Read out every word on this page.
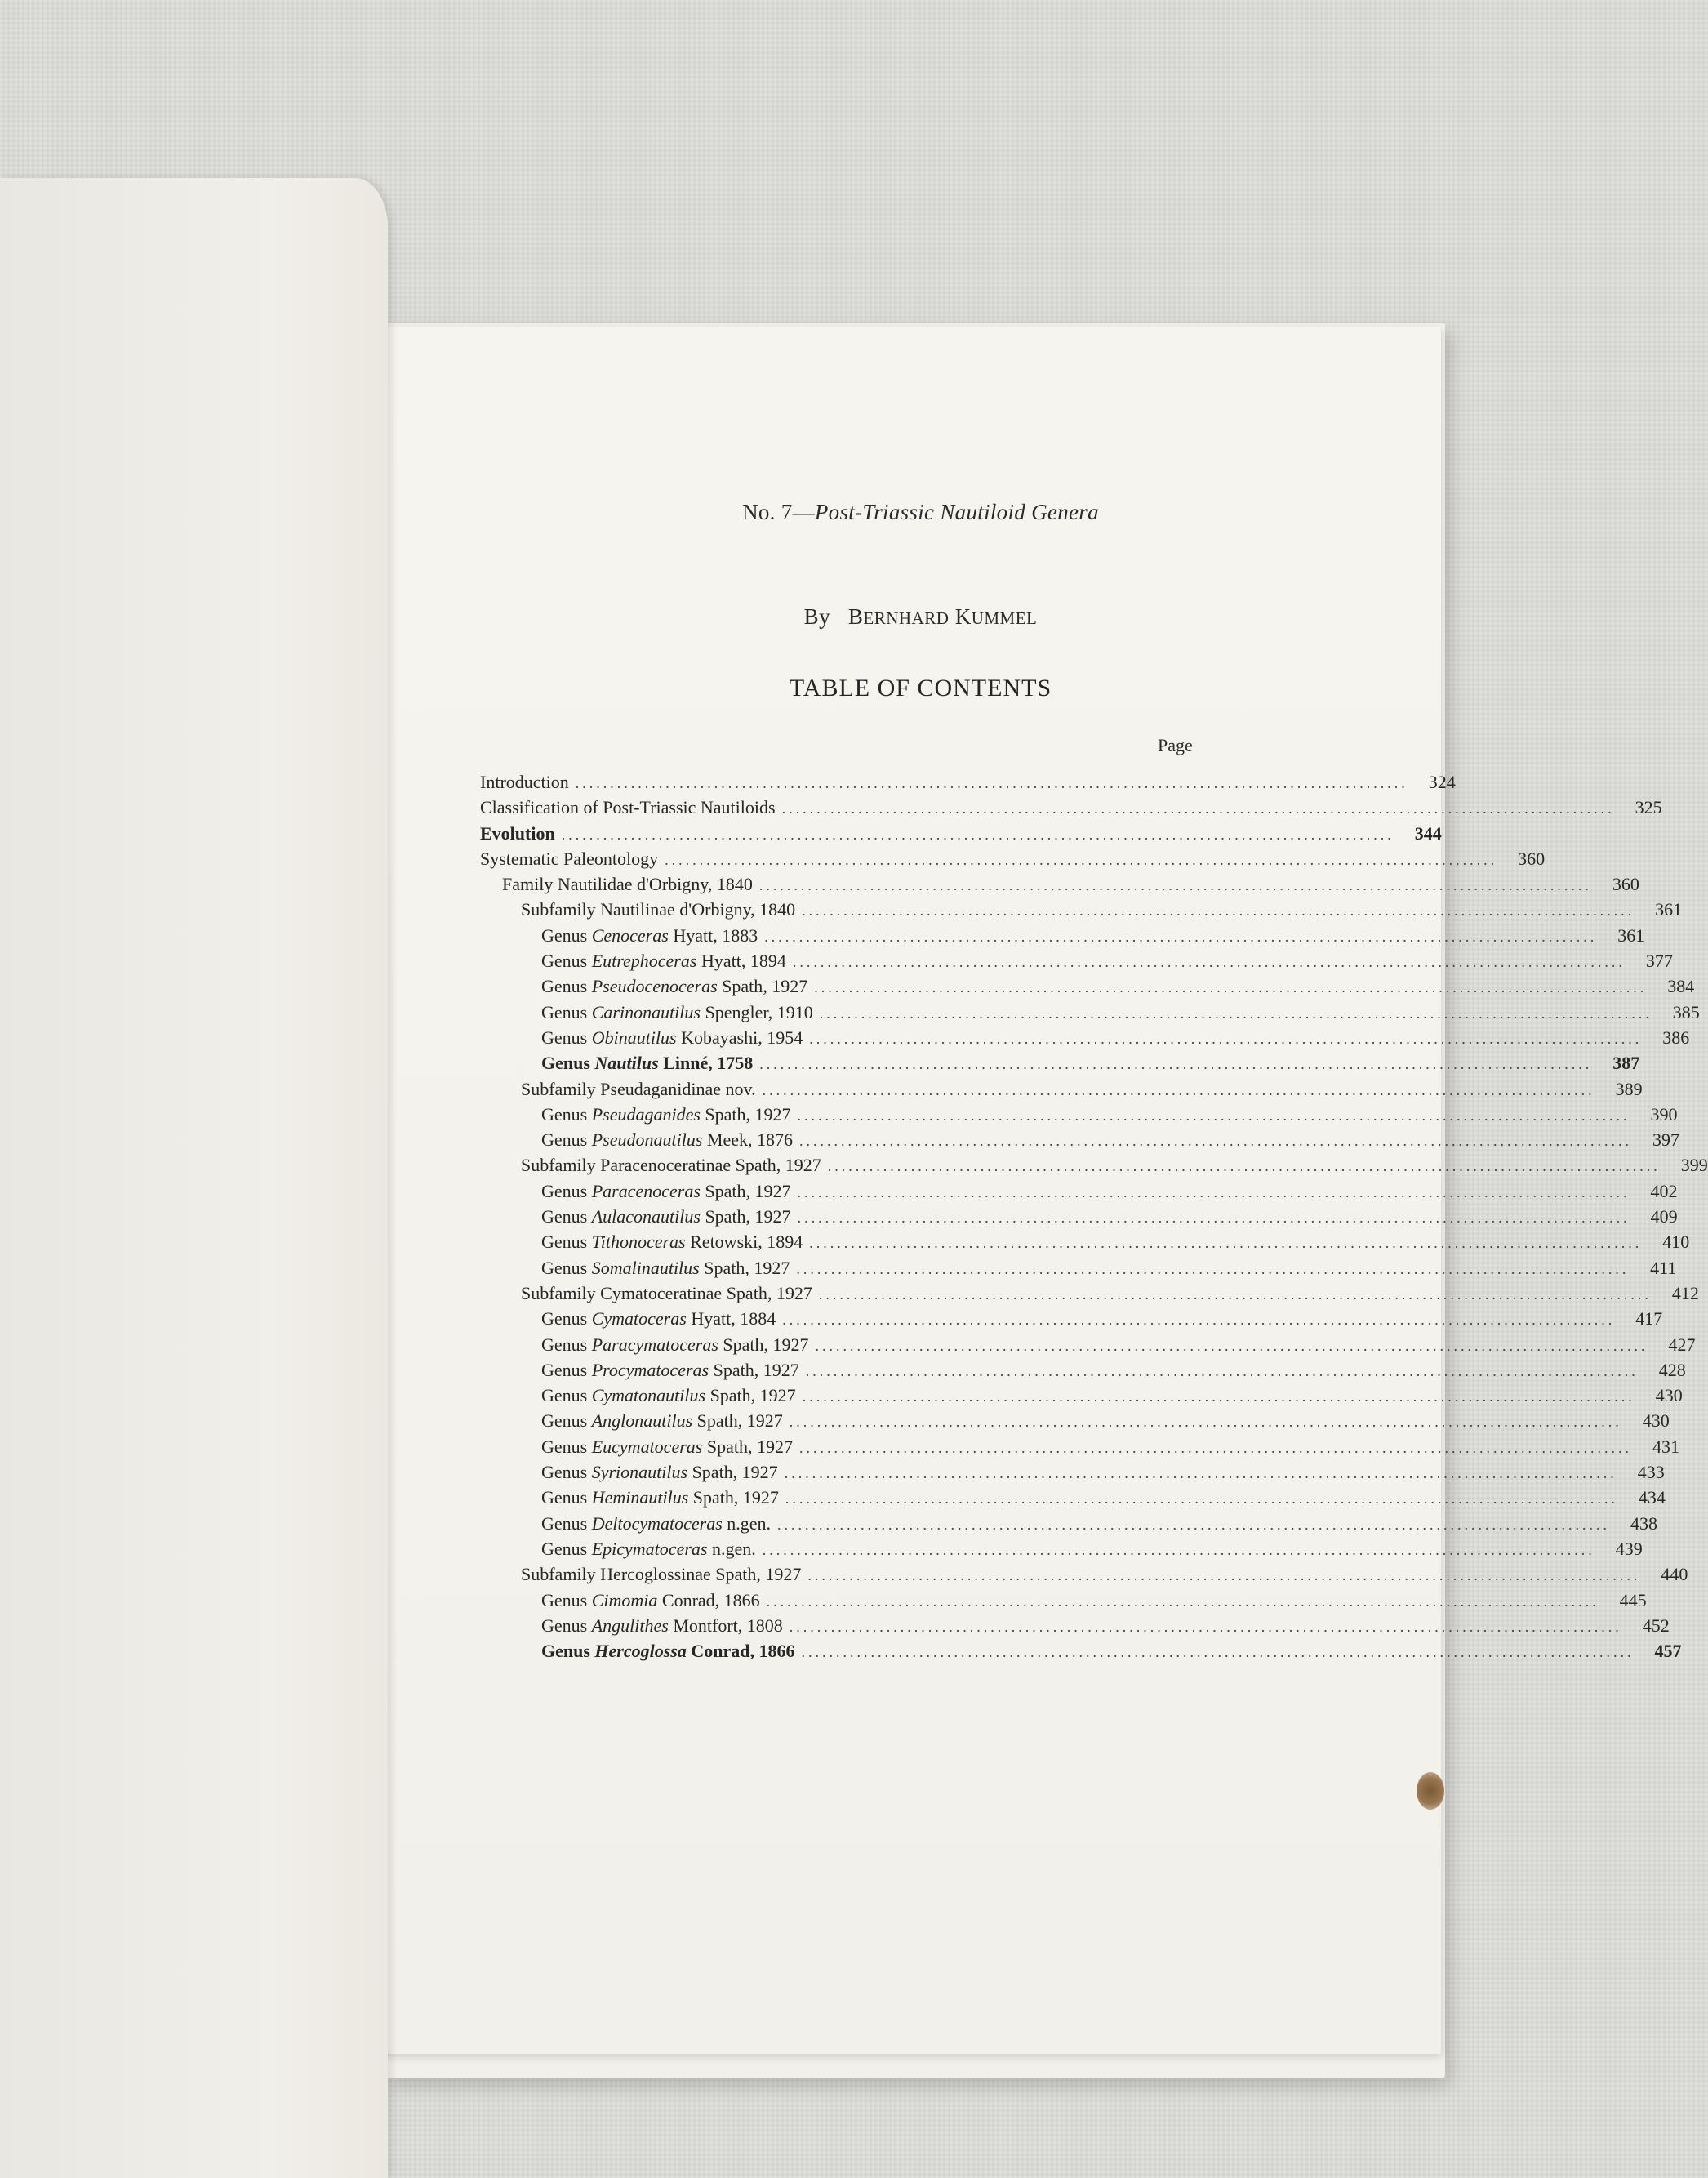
No. 7—Post-Triassic Nautiloid Genera
By BERNHARD KUMMEL
TABLE OF CONTENTS
Page
Introduction ........................................................................................................................	324
Classification of Post-Triassic Nautiloids ........................................................................................................................	325
Evolution ........................................................................................................................	344
Systematic Paleontology ........................................................................................................................	360
Family Nautilidae d'Orbigny, 1840 ........................................................................................................................	360
Subfamily Nautilinae d'Orbigny, 1840 ........................................................................................................................	361
Genus Cenoceras Hyatt, 1883 ........................................................................................................................	361
Genus Eutrephoceras Hyatt, 1894 ........................................................................................................................	377
Genus Pseudocenoceras Spath, 1927 ........................................................................................................................	384
Genus Carinonautilus Spengler, 1910 ........................................................................................................................	385
Genus Obinautilus Kobayashi, 1954 ........................................................................................................................	386
Genus Nautilus Linné, 1758 ........................................................................................................................	387
Subfamily Pseudaganidinae nov. ........................................................................................................................	389
Genus Pseudaganides Spath, 1927 ........................................................................................................................	390
Genus Pseudonautilus Meek, 1876 ........................................................................................................................	397
Subfamily Paracenoceratinae Spath, 1927 ........................................................................................................................	399
Genus Paracenoceras Spath, 1927 ........................................................................................................................	402
Genus Aulaconautilus Spath, 1927 ........................................................................................................................	409
Genus Tithonoceras Retowski, 1894 ........................................................................................................................	410
Genus Somalinautilus Spath, 1927 ........................................................................................................................	411
Subfamily Cymatoceratinae Spath, 1927 ........................................................................................................................	412
Genus Cymatoceras Hyatt, 1884 ........................................................................................................................	417
Genus Paracymatoceras Spath, 1927 ........................................................................................................................	427
Genus Procymatoceras Spath, 1927 ........................................................................................................................	428
Genus Cymatonautilus Spath, 1927 ........................................................................................................................	430
Genus Anglonautilus Spath, 1927 ........................................................................................................................	430
Genus Eucymatoceras Spath, 1927 ........................................................................................................................	431
Genus Syrionautilus Spath, 1927 ........................................................................................................................	433
Genus Heminautilus Spath, 1927 ........................................................................................................................	434
Genus Deltocymatoceras n.gen. ........................................................................................................................	438
Genus Epicymatoceras n.gen. ........................................................................................................................	439
Subfamily Hercoglossinae Spath, 1927 ........................................................................................................................	440
Genus Cimomia Conrad, 1866 ........................................................................................................................	445
Genus Angulithes Montfort, 1808 ........................................................................................................................	452
Genus Hercoglossa Conrad, 1866 ........................................................................................................................	457
